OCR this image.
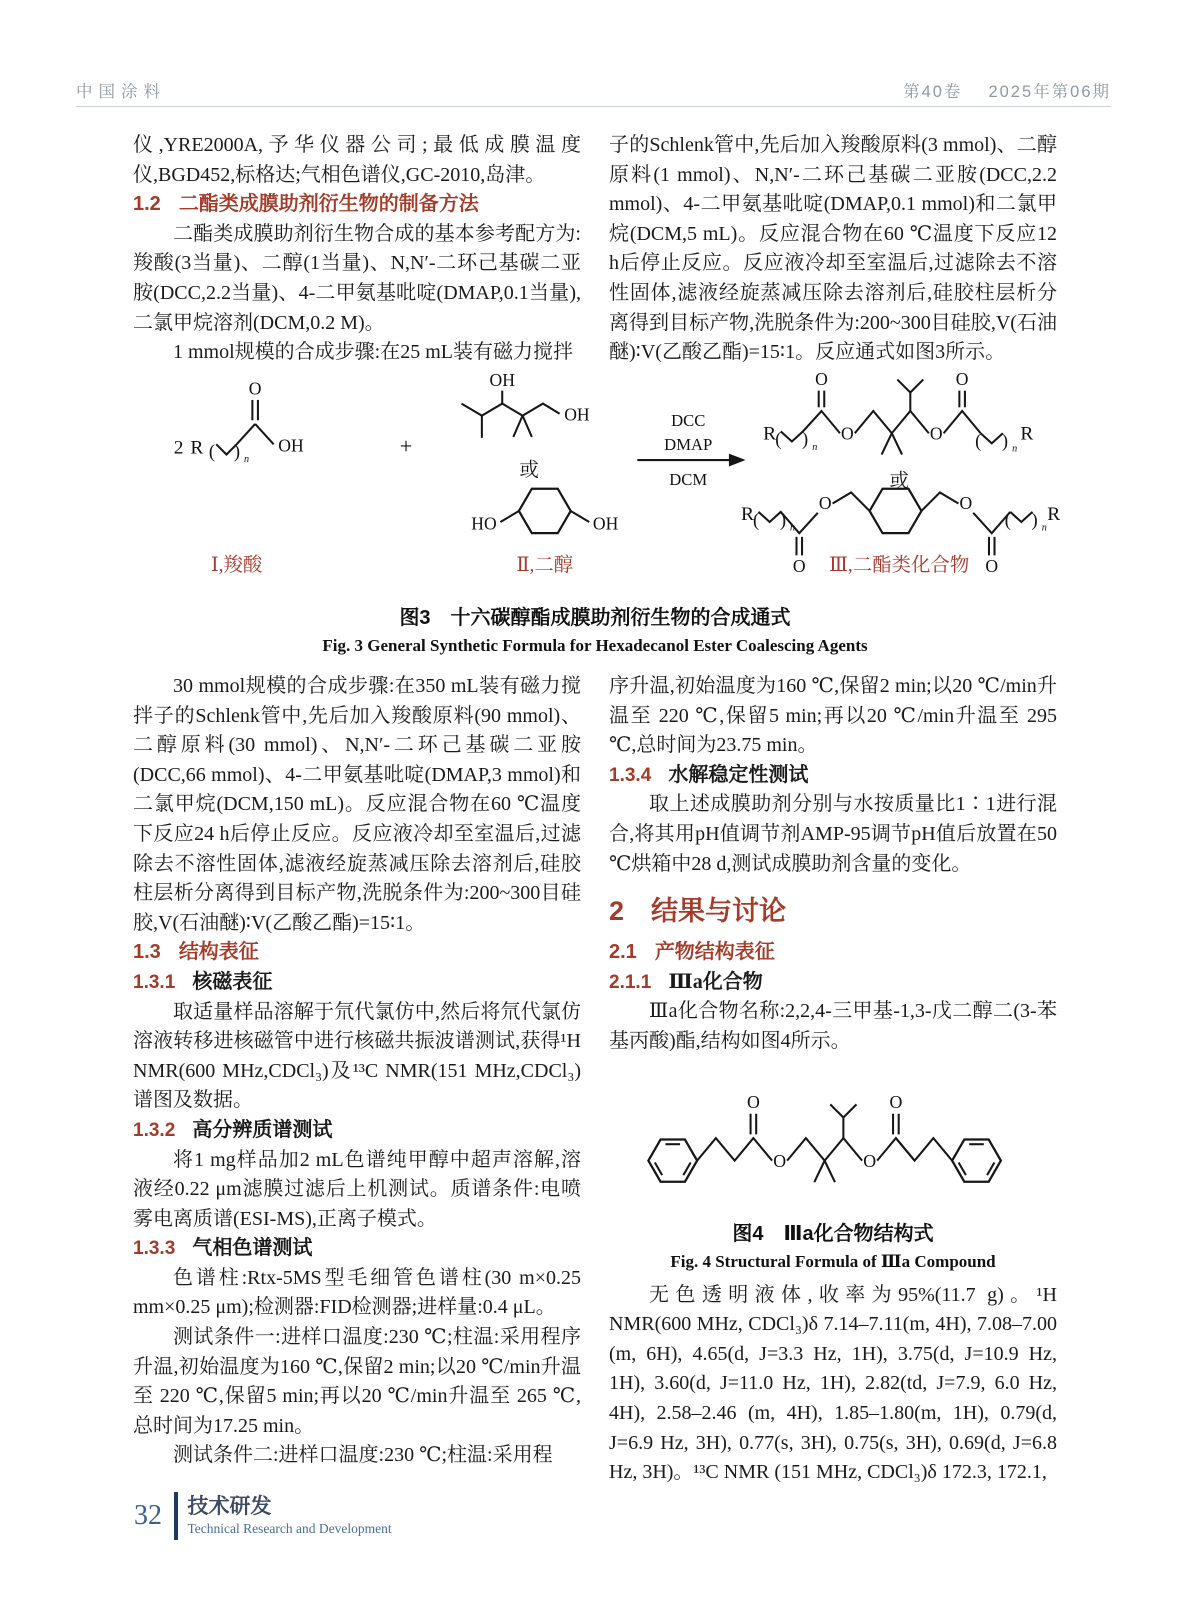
中国涂料	第40卷 2025年第06期

仪,YRE2000A,予华仪器公司;最低成膜温度仪,BGD452,标格达;气相色谱仪,GC-2010,岛津。

1.2 二酯类成膜助剂衍生物的制备方法

二酯类成膜助剂衍生物合成的基本参考配方为:羧酸(3当量)、二醇(1当量)、N,N′-二环己基碳二亚胺(DCC,2.2当量)、4-二甲氨基吡啶(DMAP,0.1当量),二氯甲烷溶剂(DCM,0.2 M)。

1 mmol规模的合成步骤:在25 mL装有磁力搅拌

子的Schlenk管中,先后加入羧酸原料(3 mmol)、二醇原料(1 mmol)、N,N′-二环己基碳二亚胺(DCC,2.2 mmol)、4-二甲氨基吡啶(DMAP,0.1 mmol)和二氯甲烷(DCM,5 mL)。反应混合物在60 ℃温度下反应12 h后停止反应。反应液冷却至室温后,过滤除去不溶性固体,滤液经旋蒸减压除去溶剂后,硅胶柱层析分离得到目标产物,洗脱条件为:200~300目硅胶,V(石油醚)∶V(乙酸乙酯)=15∶1。反应通式如图3所示。

2 R ( ) n
O
OH
Ⅰ,羧酸
+
OH
OH
或
HO	OH
Ⅱ,二醇
DCC
DMAP
DCM
R ( ) n
O
O	O
O
( ) n
R
或
R ( ) n
O
O	O
O
( ) n
R
Ⅲ,二酯类化合物
图3　十六碳醇酯成膜助剂衍生物的合成通式
Fig. 3 General Synthetic Formula for Hexadecanol Ester Coalescing Agents

30 mmol规模的合成步骤:在350 mL装有磁力搅拌子的Schlenk管中,先后加入羧酸原料(90 mmol)、二醇原料(30 mmol)、N,N′-二环己基碳二亚胺(DCC,66 mmol)、4-二甲氨基吡啶(DMAP,3 mmol)和二氯甲烷(DCM,150 mL)。反应混合物在60 ℃温度下反应24 h后停止反应。反应液冷却至室温后,过滤除去不溶性固体,滤液经旋蒸减压除去溶剂后,硅胶柱层析分离得到目标产物,洗脱条件为:200~300目硅胶,V(石油醚)∶V(乙酸乙酯)=15∶1。

1.3 结构表征
1.3.1 核磁表征

取适量样品溶解于氘代氯仿中,然后将氘代氯仿溶液转移进核磁管中进行核磁共振波谱测试,获得¹H NMR(600 MHz,CDCl₃)及¹³C NMR(151 MHz,CDCl₃)谱图及数据。

1.3.2 高分辨质谱测试

将1 mg样品加2 mL色谱纯甲醇中超声溶解,溶液经0.22 μm滤膜过滤后上机测试。质谱条件:电喷雾电离质谱(ESI-MS),正离子模式。

1.3.3 气相色谱测试

色谱柱:Rtx-5MS型毛细管色谱柱(30 m×0.25 mm×0.25 μm);检测器:FID检测器;进样量:0.4 μL。

测试条件一:进样口温度:230 ℃;柱温:采用程序升温,初始温度为160 ℃,保留2 min;以20 ℃/min升温至 220 ℃,保留5 min;再以20 ℃/min升温至 265 ℃,总时间为17.25 min。

测试条件二:进样口温度:230 ℃;柱温:采用程

序升温,初始温度为160 ℃,保留2 min;以20 ℃/min升温至 220 ℃,保留5 min;再以20 ℃/min升温至 295 ℃,总时间为23.75 min。

1.3.4 水解稳定性测试

取上述成膜助剂分别与水按质量比1∶1进行混合,将其用pH值调节剂AMP-95调节pH值后放置在50 ℃烘箱中28 d,测试成膜助剂含量的变化。

2 结果与讨论
2.1 产物结构表征
2.1.1 Ⅲa化合物

Ⅲa化合物名称:2,2,4-三甲基-1,3-戊二醇二(3-苯基丙酸)酯,结构如图4所示。

O
O	O
O
图4　Ⅲa化合物结构式
Fig. 4 Structural Formula of Ⅲa Compound

无色透明液体,收率为95%(11.7 g)。¹H NMR(600 MHz, CDCl₃)δ 7.14–7.11(m, 4H), 7.08–7.00 (m, 6H), 4.65(d, J=3.3 Hz, 1H), 3.75(d, J=10.9 Hz, 1H), 3.60(d, J=11.0 Hz, 1H), 2.82(td, J=7.9, 6.0 Hz, 4H), 2.58–2.46 (m, 4H), 1.85–1.80(m, 1H), 0.79(d, J=6.9 Hz, 3H), 0.77(s, 3H), 0.75(s, 3H), 0.69(d, J=6.8 Hz, 3H)。¹³C NMR (151 MHz, CDCl₃)δ 172.3, 172.1,

32 技术研发
Technical Research and Development
